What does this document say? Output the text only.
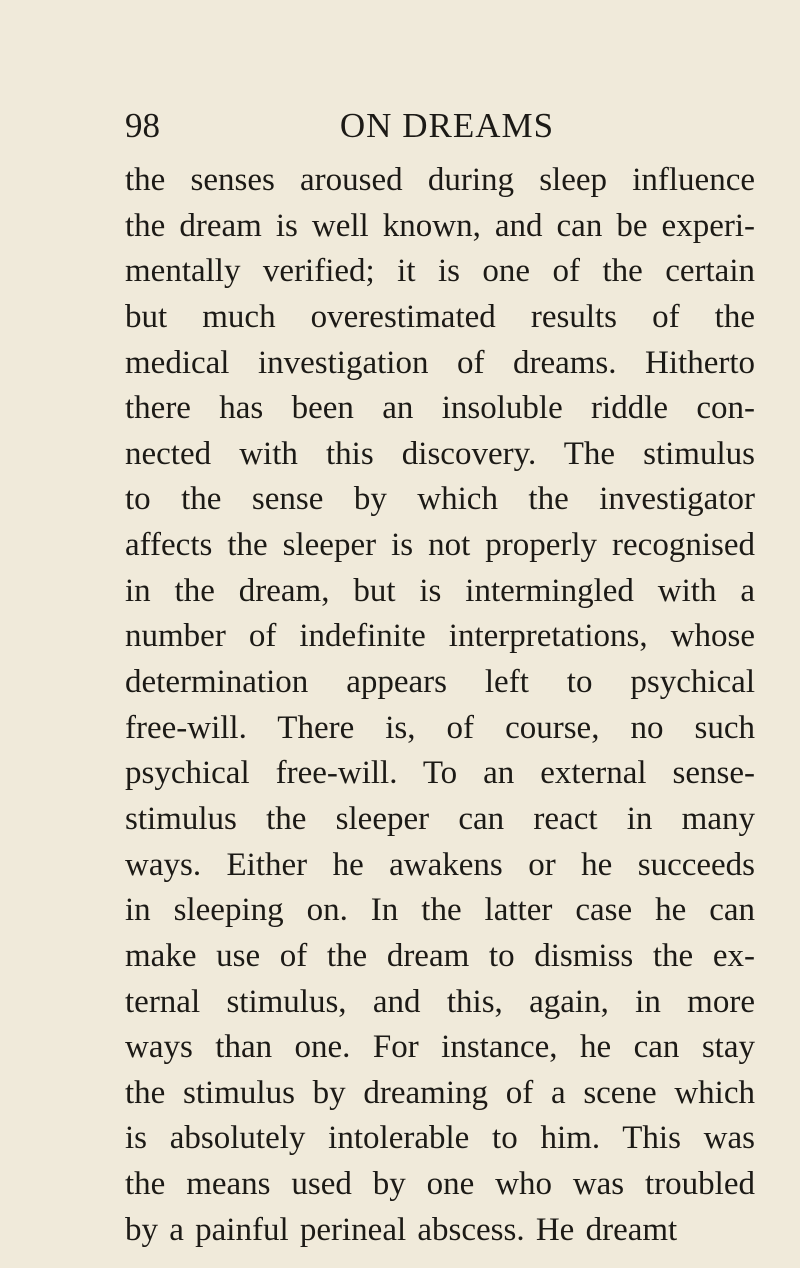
98	ON DREAMS
the senses aroused during sleep influence
the dream is well known, and can be experi-
mentally verified; it is one of the certain
but much overestimated results of the
medical investigation of dreams. Hitherto
there has been an insoluble riddle con-
nected with this discovery. The stimulus
to the sense by which the investigator
affects the sleeper is not properly recognised
in the dream, but is intermingled with a
number of indefinite interpretations, whose
determination appears left to psychical
free-will. There is, of course, no such
psychical free-will. To an external sense-
stimulus the sleeper can react in many
ways. Either he awakens or he succeeds
in sleeping on. In the latter case he can
make use of the dream to dismiss the ex-
ternal stimulus, and this, again, in more
ways than one. For instance, he can stay
the stimulus by dreaming of a scene which
is absolutely intolerable to him. This was
the means used by one who was troubled
by a painful perineal abscess. He dreamt
